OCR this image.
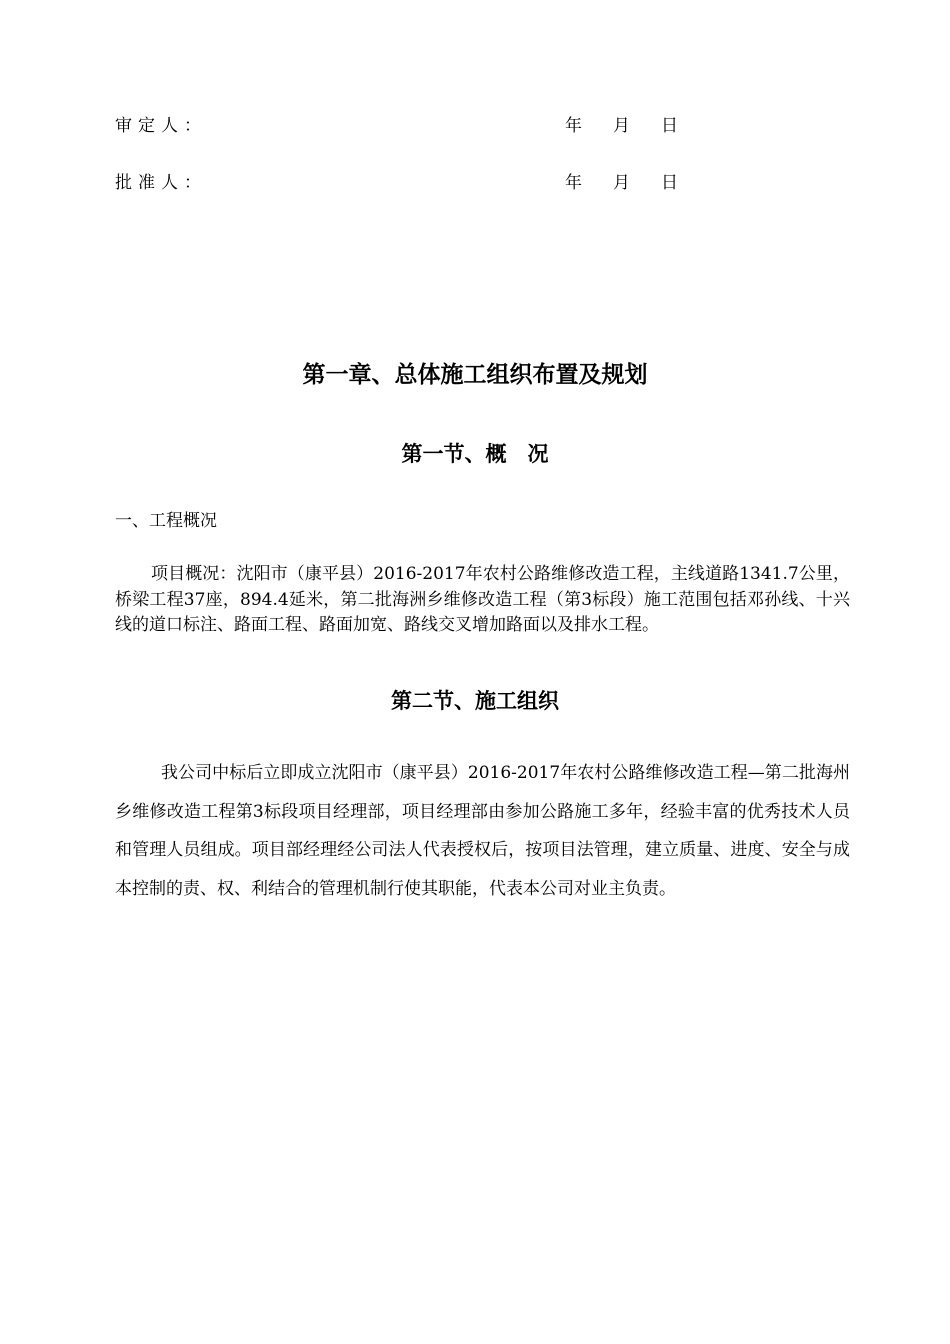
审定人：	年 月 日
批准人：	年 月 日
第一章、总体施工组织布置及规划
第一节、概　况
一、工程概况

项目概况：沈阳市（康平县）2016-2017年农村公路维修改造工程，主线道路1341.7公里，桥梁工程37座，894.4延米，第二批海洲乡维修改造工程（第3标段）施工范围包括邓孙线、十兴线的道口标注、路面工程、路面加宽、路线交叉增加路面以及排水工程。

第二节、施工组织

我公司中标后立即成立沈阳市（康平县）2016-2017年农村公路维修改造工程—第二批海州乡维修改造工程第3标段项目经理部，项目经理部由参加公路施工多年，经验丰富的优秀技术人员和管理人员组成。项目部经理经公司法人代表授权后，按项目法管理，建立质量、进度、安全与成本控制的责、权、利结合的管理机制行使其职能，代表本公司对业主负责。
